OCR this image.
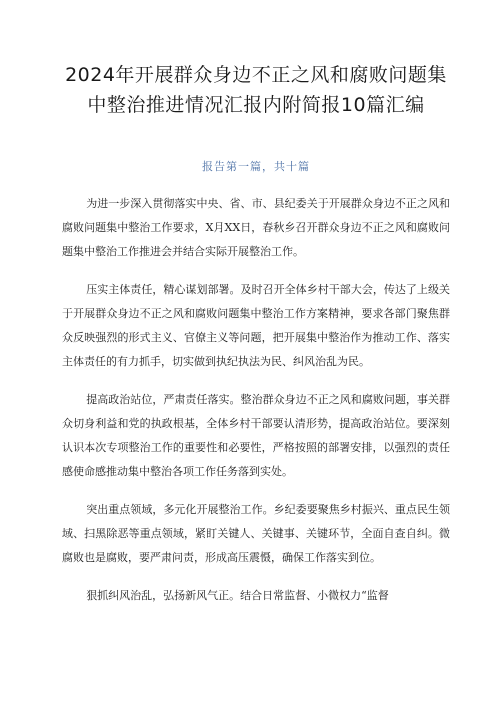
2024年开展群众身边不正之风和腐败问题集
中整治推进情况汇报内附简报10篇汇编
报告第一篇，共十篇

为进一步深入贯彻落实中央、省、市、县纪委关于开展群众身边不正之风和腐败问题集中整治工作要求，X月XX日，春秋乡召开群众身边不正之风和腐败问题集中整治工作推进会并结合实际开展整治工作。

压实主体责任，精心谋划部署。及时召开全体乡村干部大会，传达了上级关于开展群众身边不正之风和腐败问题集中整治工作方案精神，要求各部门聚焦群众反映强烈的形式主义、官僚主义等问题，把开展集中整治作为推动工作、落实主体责任的有力抓手，切实做到执纪执法为民、纠风治乱为民。

提高政治站位，严肃责任落实。整治群众身边不正之风和腐败问题，事关群众切身利益和党的执政根基，全体乡村干部要认清形势，提高政治站位。要深刻认识本次专项整治工作的重要性和必要性，严格按照的部署安排，以强烈的责任感使命感推动集中整治各项工作任务落到实处。

突出重点领域，多元化开展整治工作。乡纪委要聚焦乡村振兴、重点民生领域、扫黑除恶等重点领域，紧盯关键人、关键事、关键环节，全面自查自纠。微腐败也是腐败，要严肃问责，形成高压震慑，确保工作落实到位。

狠抓纠风治乱，弘扬新风气正。结合日常监督、小微权力“监督
